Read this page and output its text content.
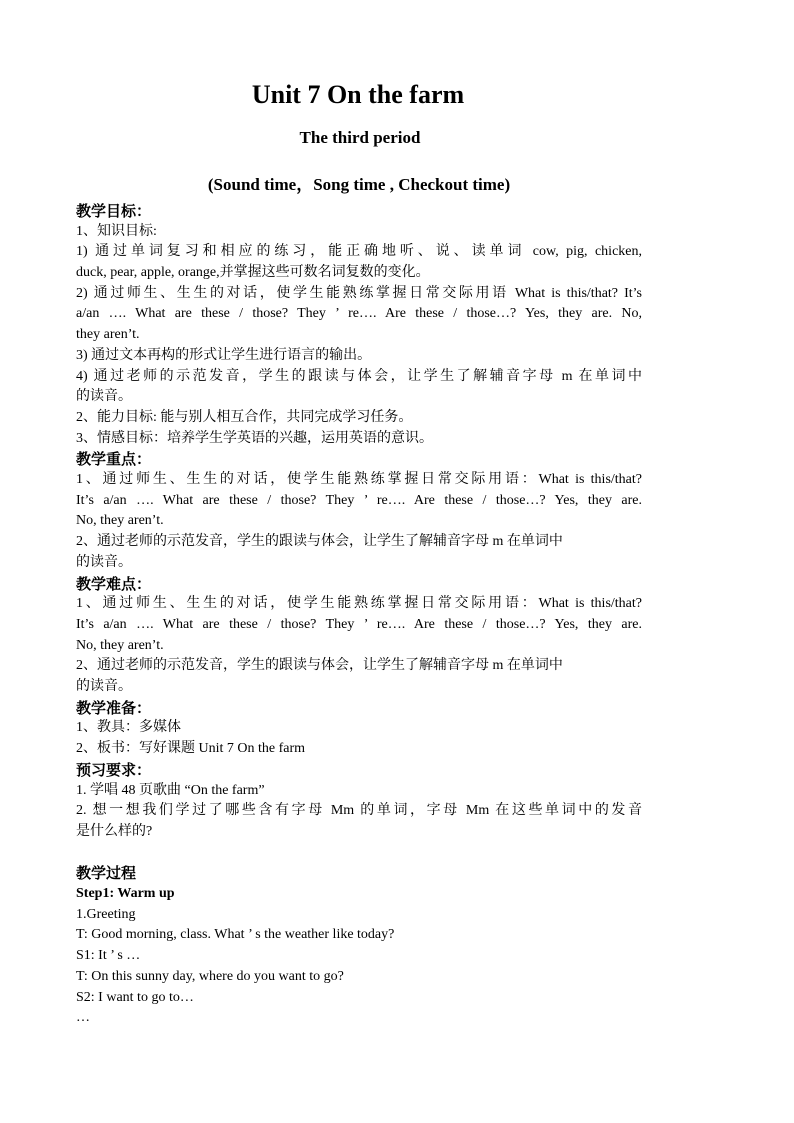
Unit 7 On the farm
The third period
(Sound time，Song time , Checkout time)
教学目标：
1、知识目标:
1) 通过单词复习和相应的练习，能正确地听、说、读单词 cow, pig, chicken,
duck, pear, apple, orange,并掌握这些可数名词复数的变化。
2) 通过师生、生生的对话，使学生能熟练掌握日常交际用语 What is this/that? It’s
a/an …. What are these / those? They ’ re…. Are these / those…? Yes, they are. No,
they aren’t.
3) 通过文本再构的形式让学生进行语言的输出。
4) 通过老师的示范发音，学生的跟读与体会，让学生了解辅音字母 m 在单词中
的读音。
2、能力目标: 能与别人相互合作，共同完成学习任务。
3、情感目标：培养学生学英语的兴趣，运用英语的意识。
教学重点：
1、通过师生、生生的对话，使学生能熟练掌握日常交际用语：What is this/that?
It’s a/an …. What are these / those? They ’ re…. Are these / those…? Yes, they are.
No, they aren’t.
2、通过老师的示范发音，学生的跟读与体会，让学生了解辅音字母 m 在单词中
的读音。
教学难点：
1、通过师生、生生的对话，使学生能熟练掌握日常交际用语：What is this/that?
It’s a/an …. What are these / those? They ’ re…. Are these / those…? Yes, they are.
No, they aren’t.
2、通过老师的示范发音，学生的跟读与体会，让学生了解辅音字母 m 在单词中
的读音。
教学准备：
1、教具：多媒体
2、板书：写好课题 Unit 7 On the farm
预习要求：
1. 学唱 48 页歌曲 “On the farm”
2. 想一想我们学过了哪些含有字母 Mm 的单词，字母 Mm 在这些单词中的发音
是什么样的?
教学过程
Step1: Warm up
1.Greeting
T: Good morning, class. What ’ s the weather like today?
S1: It ’ s …
T: On this sunny day, where do you want to go?
S2: I want to go to…
…
